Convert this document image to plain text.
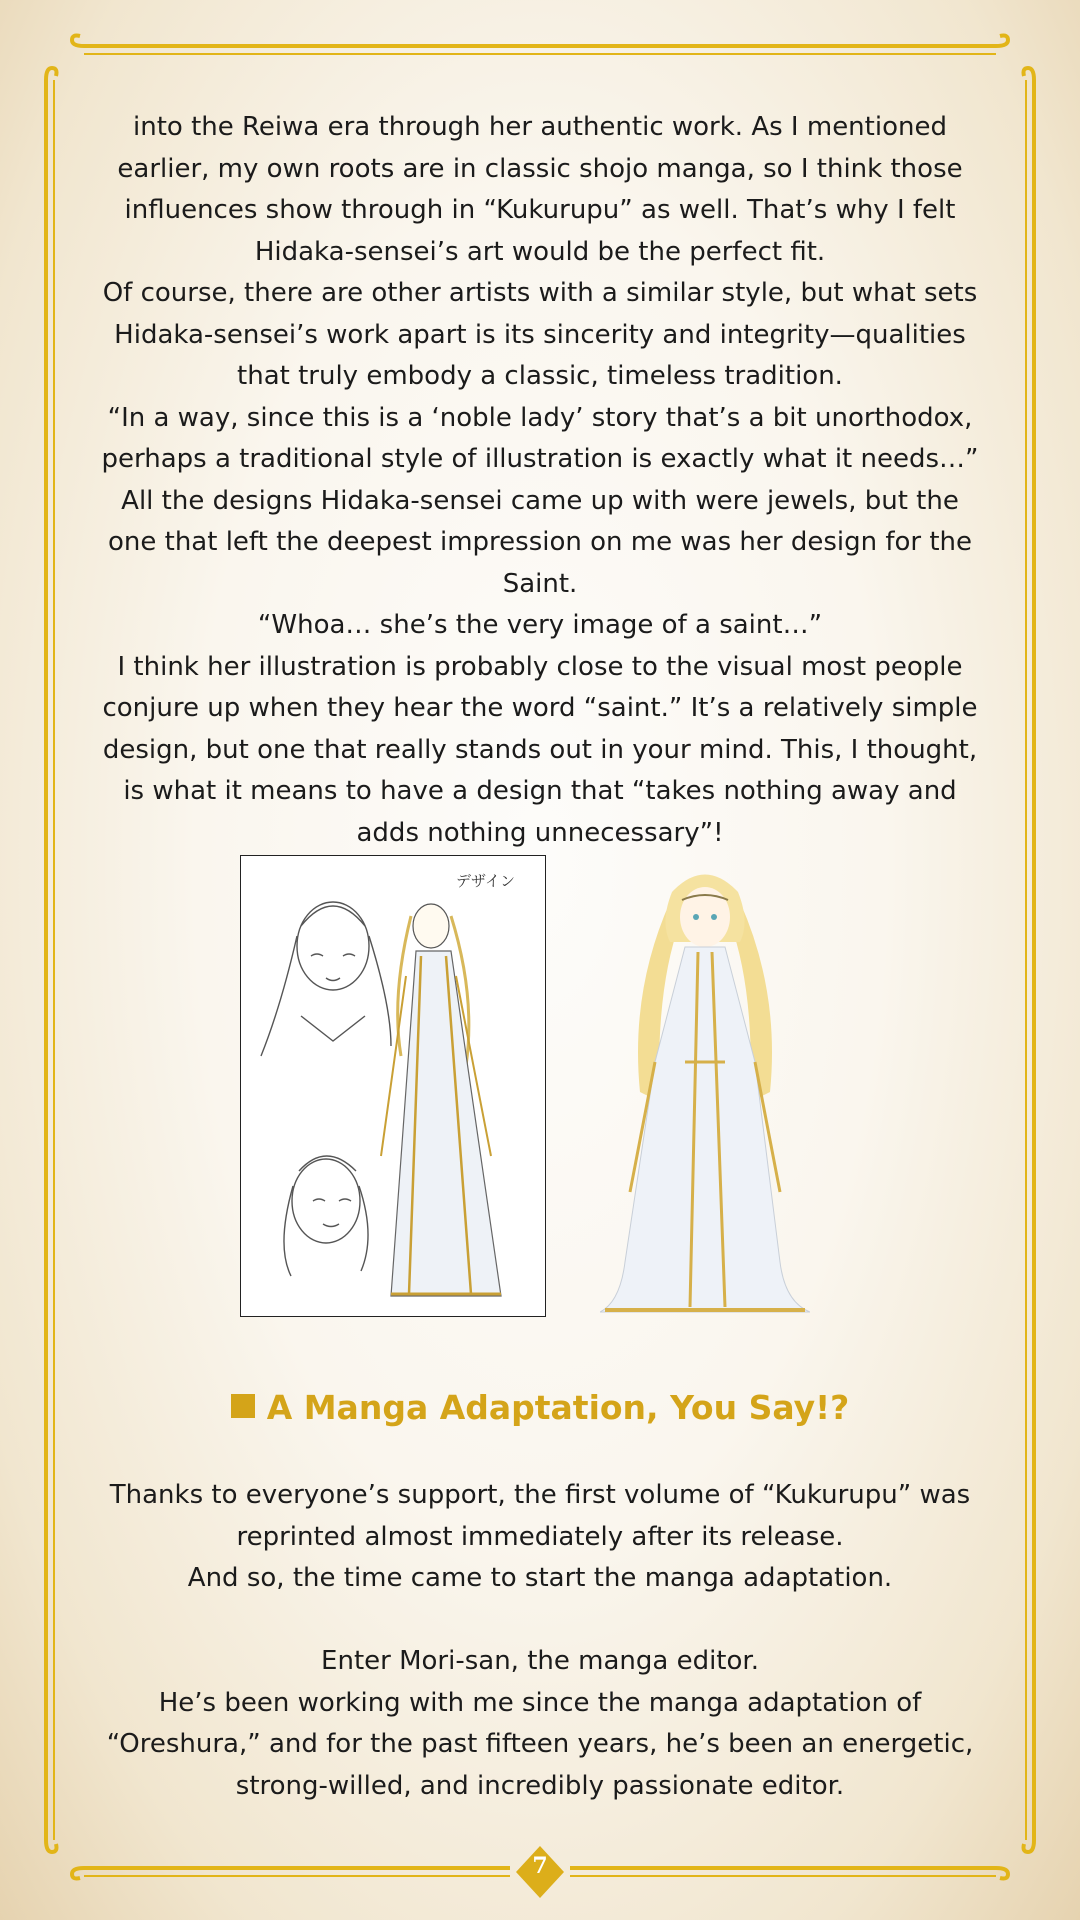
into the Reiwa era through her authentic work. As I mentioned earlier, my own roots are in classic shojo manga, so I think those influences show through in “Kukurupu” as well. That’s why I felt Hidaka-sensei’s art would be the perfect fit.

Of course, there are other artists with a similar style, but what sets Hidaka-sensei’s work apart is its sincerity and integrity—qualities that truly embody a classic, timeless tradition.

“In a way, since this is a ‘noble lady’ story that’s a bit unorthodox, perhaps a traditional style of illustration is exactly what it needs…”

All the designs Hidaka-sensei came up with were jewels, but the one that left the deepest impression on me was her design for the Saint.

“Whoa… she’s the very image of a saint…”

I think her illustration is probably close to the visual most people conjure up when they hear the word “saint.” It’s a relatively simple design, but one that really stands out in your mind. This, I thought, is what it means to have a design that “takes nothing away and adds nothing unnecessary”!

デザイン
A Manga Adaptation, You Say!?

Thanks to everyone’s support, the first volume of “Kukurupu” was reprinted almost immediately after its release.

And so, the time came to start the manga adaptation.

Enter Mori-san, the manga editor.

He’s been working with me since the manga adaptation of “Oreshura,” and for the past fifteen years, he’s been an energetic, strong-willed, and incredibly passionate editor.

7
